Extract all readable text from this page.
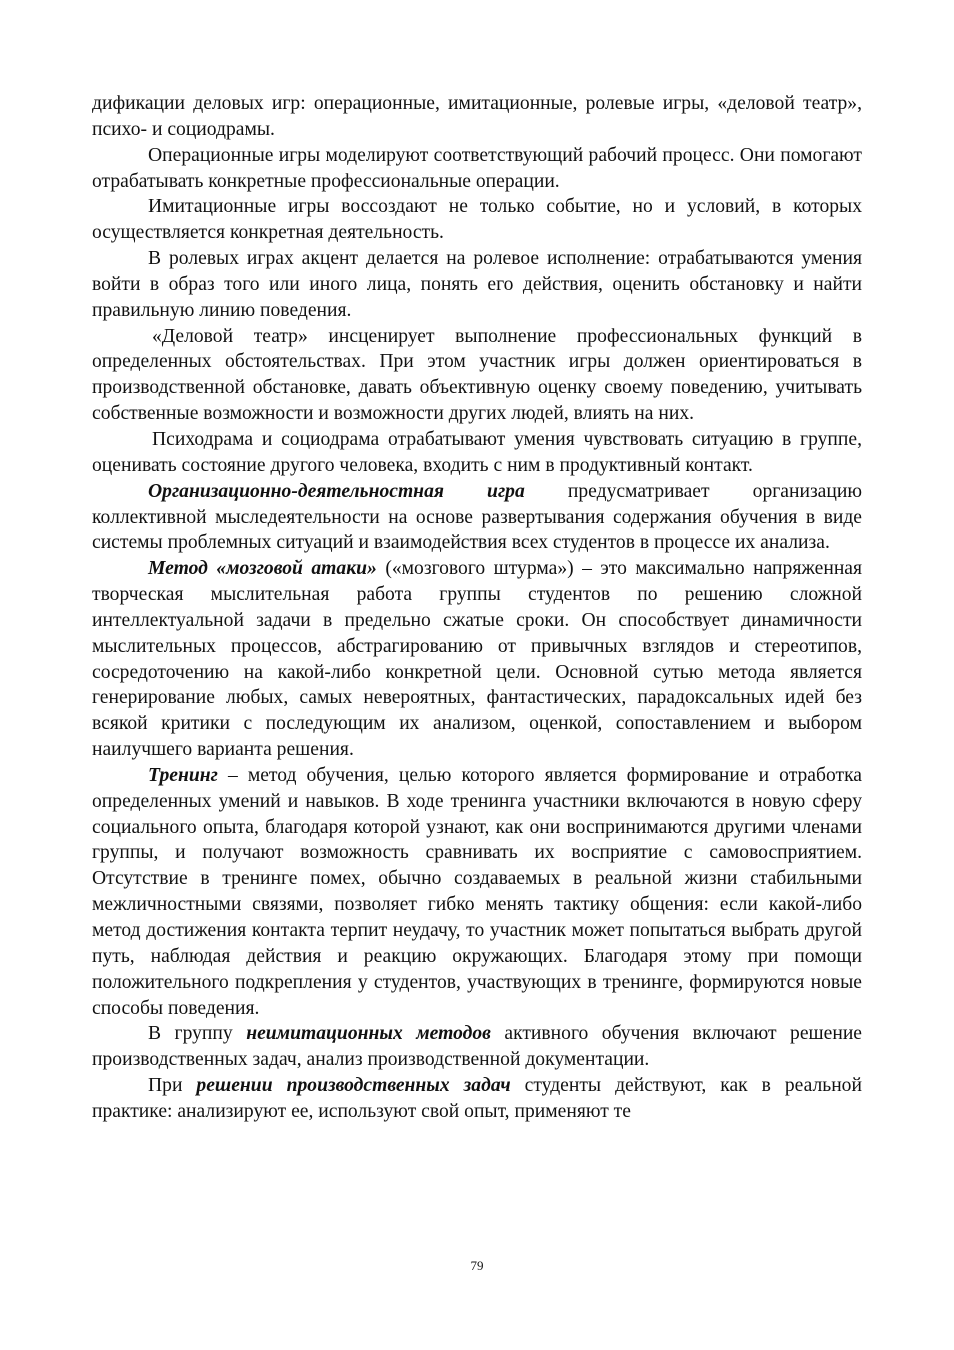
дификации деловых игр: операционные, имитационные, ролевые игры, «деловой театр», психо- и социодрамы.

Операционные игры моделируют соответствующий рабочий процесс. Они помогают отрабатывать конкретные профессиональные операции.

Имитационные игры воссоздают не только событие, но и условий, в которых осуществляется конкретная деятельность.

В ролевых играх акцент делается на ролевое исполнение: отрабатываются умения войти в образ того или иного лица, понять его действия, оценить обстановку и найти правильную линию поведения.

«Деловой театр» инсценирует выполнение профессиональных функций в определенных обстоятельствах. При этом участник игры должен ориентироваться в производственной обстановке, давать объективную оценку своему поведению, учитывать собственные возможности и возможности других людей, влиять на них.

Психодрама и социодрама отрабатывают умения чувствовать ситуацию в группе, оценивать состояние другого человека, входить с ним в продуктивный контакт.

Организационно-деятельностная игра предусматривает организацию коллективной мыследеятельности на основе развертывания содержания обучения в виде системы проблемных ситуаций и взаимодействия всех студентов в процессе их анализа.

Метод «мозговой атаки» («мозгового штурма») – это максимально напряженная творческая мыслительная работа группы студентов по решению сложной интеллектуальной задачи в предельно сжатые сроки. Он способствует динамичности мыслительных процессов, абстрагированию от привычных взглядов и стереотипов, сосредоточению на какой-либо конкретной цели. Основной сутью метода является генерирование любых, самых невероятных, фантастических, парадоксальных идей без всякой критики с последующим их анализом, оценкой, сопоставлением и выбором наилучшего варианта решения.

Тренинг – метод обучения, целью которого является формирование и отработка определенных умений и навыков. В ходе тренинга участники включаются в новую сферу социального опыта, благодаря которой узнают, как они воспринимаются другими членами группы, и получают возможность сравнивать их восприятие с самовосприятием. Отсутствие в тренинге помех, обычно создаваемых в реальной жизни стабильными межличностными связями, позволяет гибко менять тактику общения: если какой-либо метод достижения контакта терпит неудачу, то участник может попытаться выбрать другой путь, наблюдая действия и реакцию окружающих. Благодаря этому при помощи положительного подкрепления у студентов, участвующих в тренинге, формируются новые способы поведения.

В группу неимитационных методов активного обучения включают решение производственных задач, анализ производственной документации.

При решении производственных задач студенты действуют, как в реальной практике: анализируют ее, используют свой опыт, применяют те

79
